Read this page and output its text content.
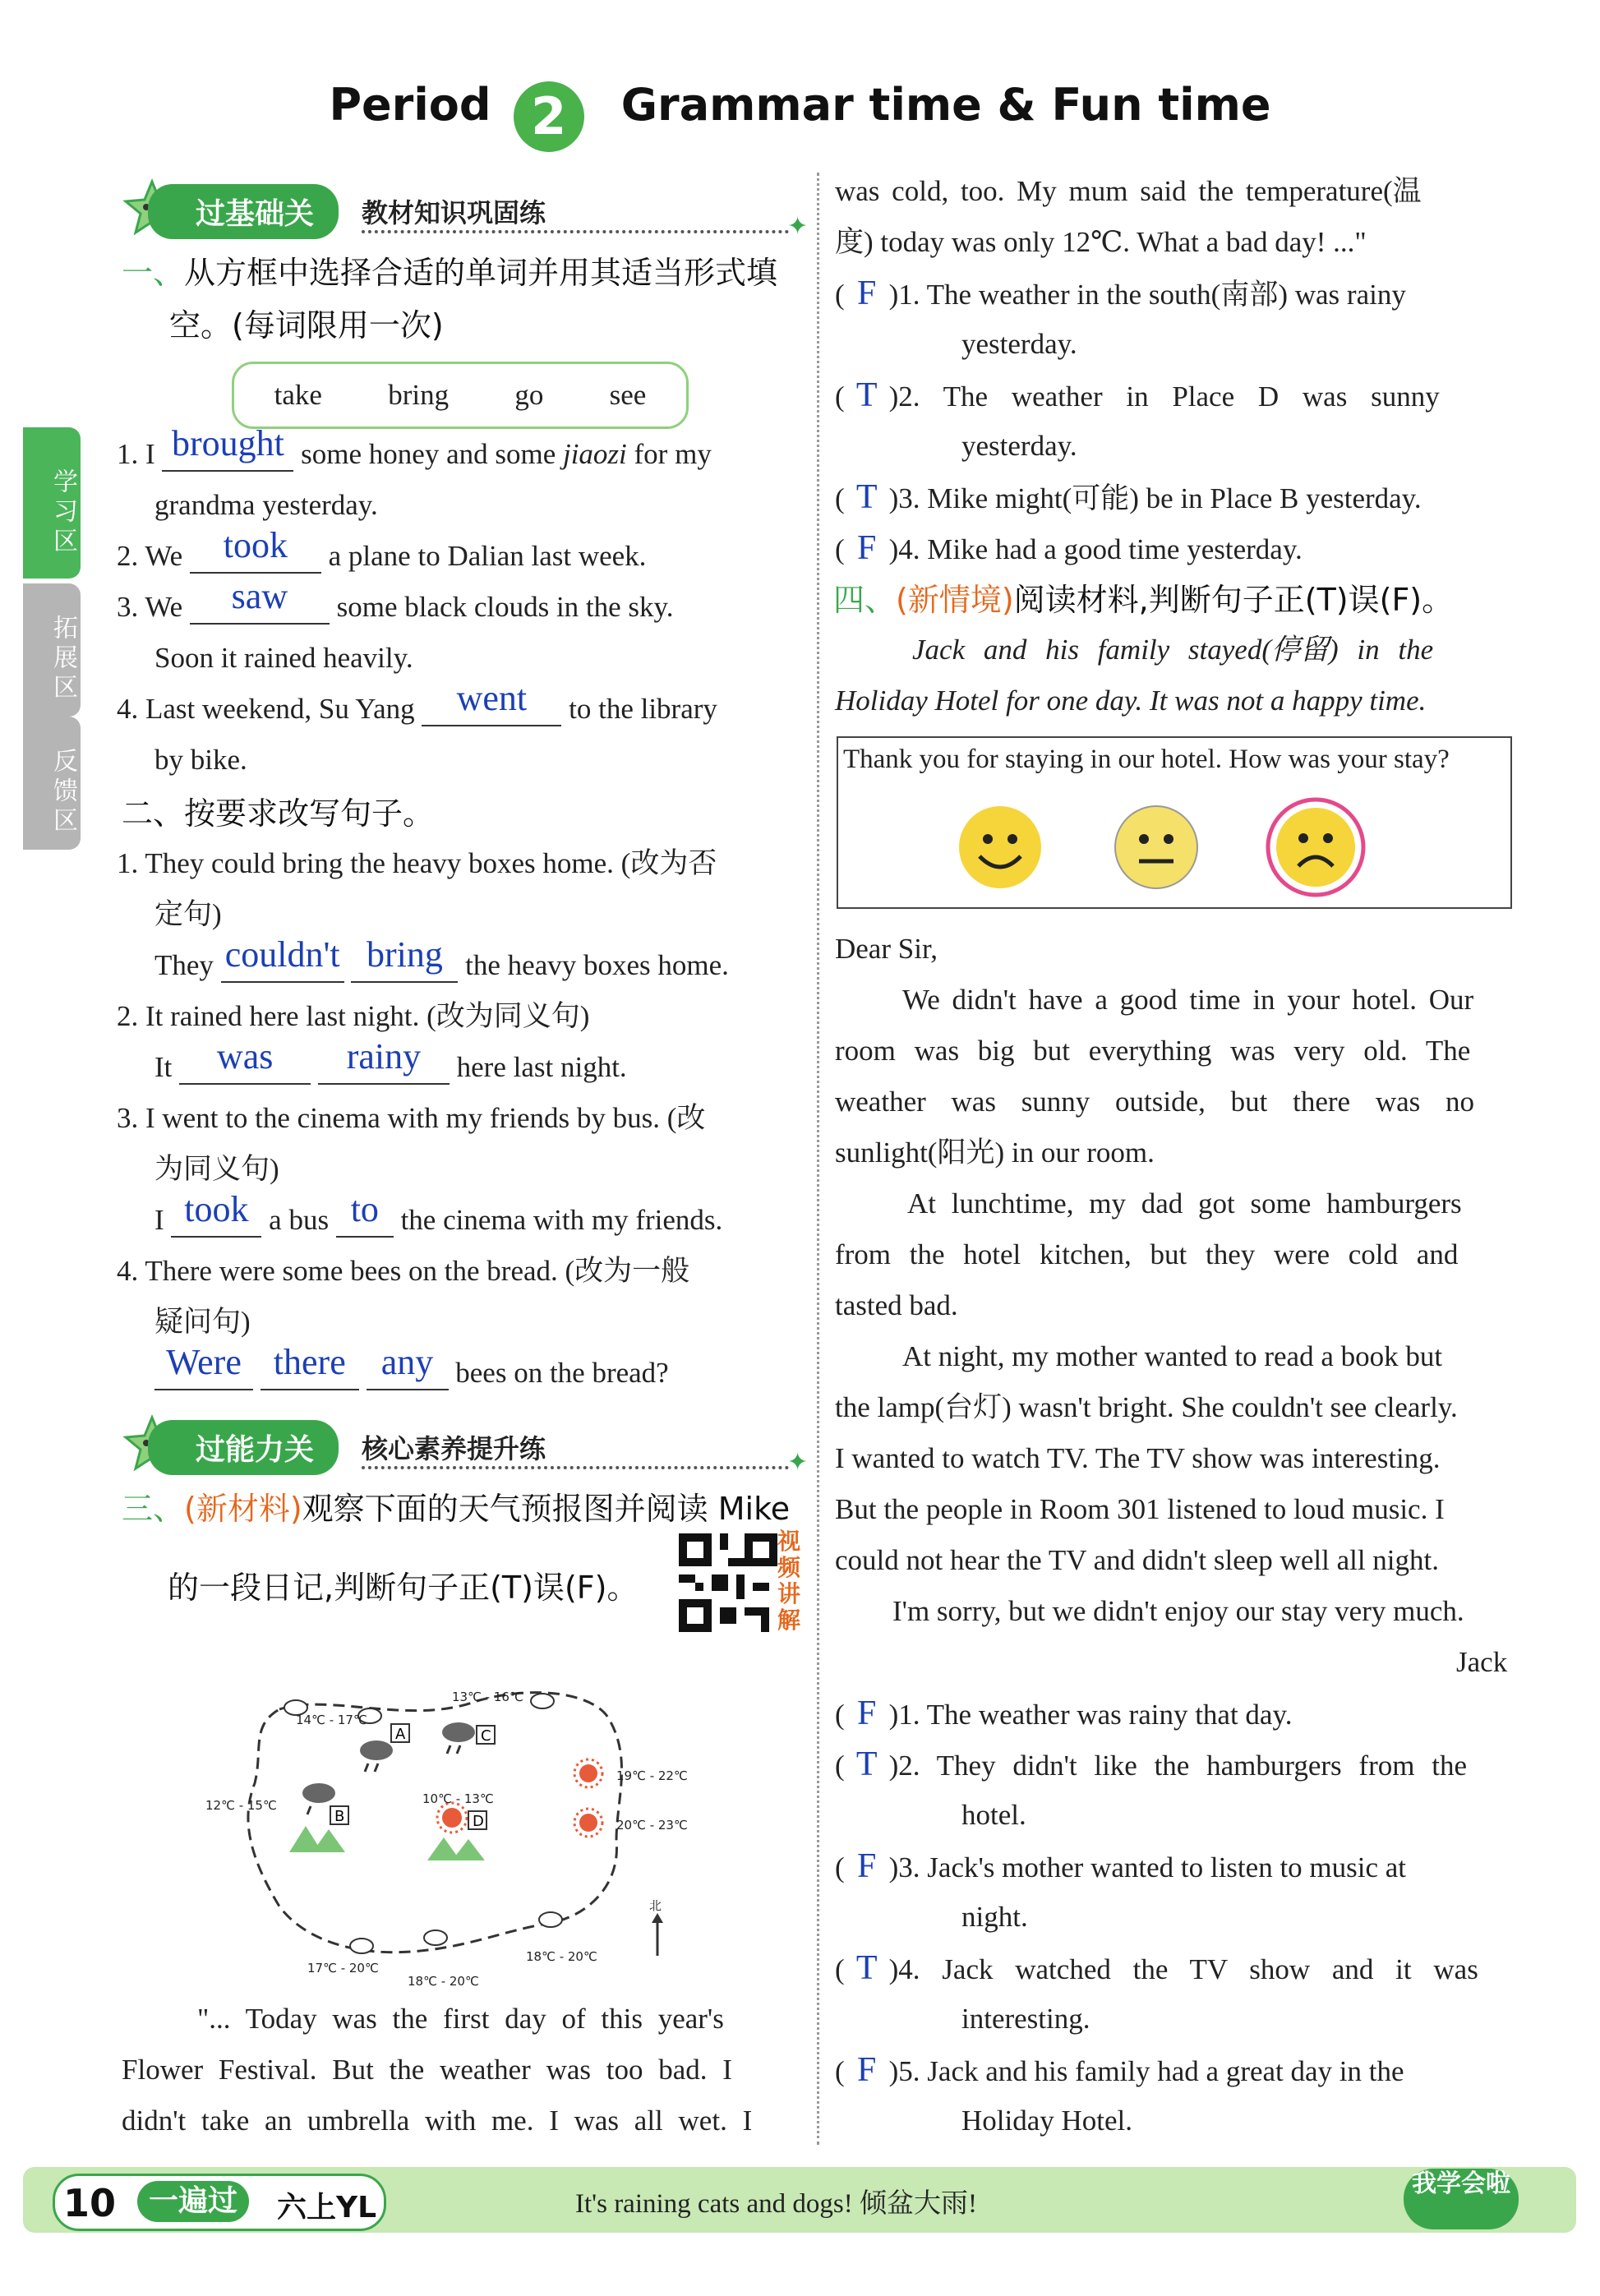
Period 2 Grammar time & Fun time
学习区
拓展区
反馈区
过基础关	教材知识巩固练	✦
一、从方框中选择合适的单词并用其适当形式填
空。(每词限用一次)
take bring go see
1. I brought some honey and some jiaozi for my
grandma yesterday.
2. We took a plane to Dalian last week.
3. We saw some black clouds in the sky.
Soon it rained heavily.
4. Last weekend, Su Yang went to the library
by bike.
二、按要求改写句子。
1. They could bring the heavy boxes home. (改为否
定句)
They couldn't bring the heavy boxes home.
2. It rained here last night. (改为同义句)
It was rainy here last night.
3. I went to the cinema with my friends by bus. (改
为同义句)
I took a bus to the cinema with my friends.
4. There were some bees on the bread. (改为一般
疑问句)
Were there any bees on the bread?
过能力关	核心素养提升练	✦
三、(新材料)观察下面的天气预报图并阅读 Mike
的一段日记,判断句子正(T)误(F)。
视频讲解
A	C
B	D
13℃ - 16℃
14℃ - 17℃
12℃ - 15℃	10℃ - 13℃
19℃ - 22℃
20℃ - 23℃
17℃ - 20℃
18℃ - 20℃
18℃ - 20℃
北
"... Today was the first day of this year's
Flower Festival. But the weather was too bad. I
didn't take an umbrella with me. I was all wet. I
was cold, too. My mum said the temperature(温
度) today was only 12℃. What a bad day! ..."
( F )1. The weather in the south(南部) was rainy
yesterday.
( T )2. The weather in Place D was sunny
yesterday.
( T )3. Mike might(可能) be in Place B yesterday.
( F )4. Mike had a good time yesterday.
四、(新情境)阅读材料,判断句子正(T)误(F)。
Jack and his family stayed(停留) in the
Holiday Hotel for one day. It was not a happy time.
Thank you for staying in our hotel. How was your stay?
Dear Sir,
We didn't have a good time in your hotel. Our
room was big but everything was very old. The
weather was sunny outside, but there was no
sunlight(阳光) in our room.
At lunchtime, my dad got some hamburgers
from the hotel kitchen, but they were cold and
tasted bad.
At night, my mother wanted to read a book but
the lamp(台灯) wasn't bright. She couldn't see clearly.
I wanted to watch TV. The TV show was interesting.
But the people in Room 301 listened to loud music. I
could not hear the TV and didn't sleep well all night.
I'm sorry, but we didn't enjoy our stay very much.
Jack
( F )1. The weather was rainy that day.
( T )2. They didn't like the hamburgers from the
hotel.
( F )3. Jack's mother wanted to listen to music at
night.
( T )4. Jack watched the TV show and it was
interesting.
( F )5. Jack and his family had a great day in the
Holiday Hotel.
10	一遍过	六上YL	It's raining cats and dogs! 倾盆大雨!
我学会啦
